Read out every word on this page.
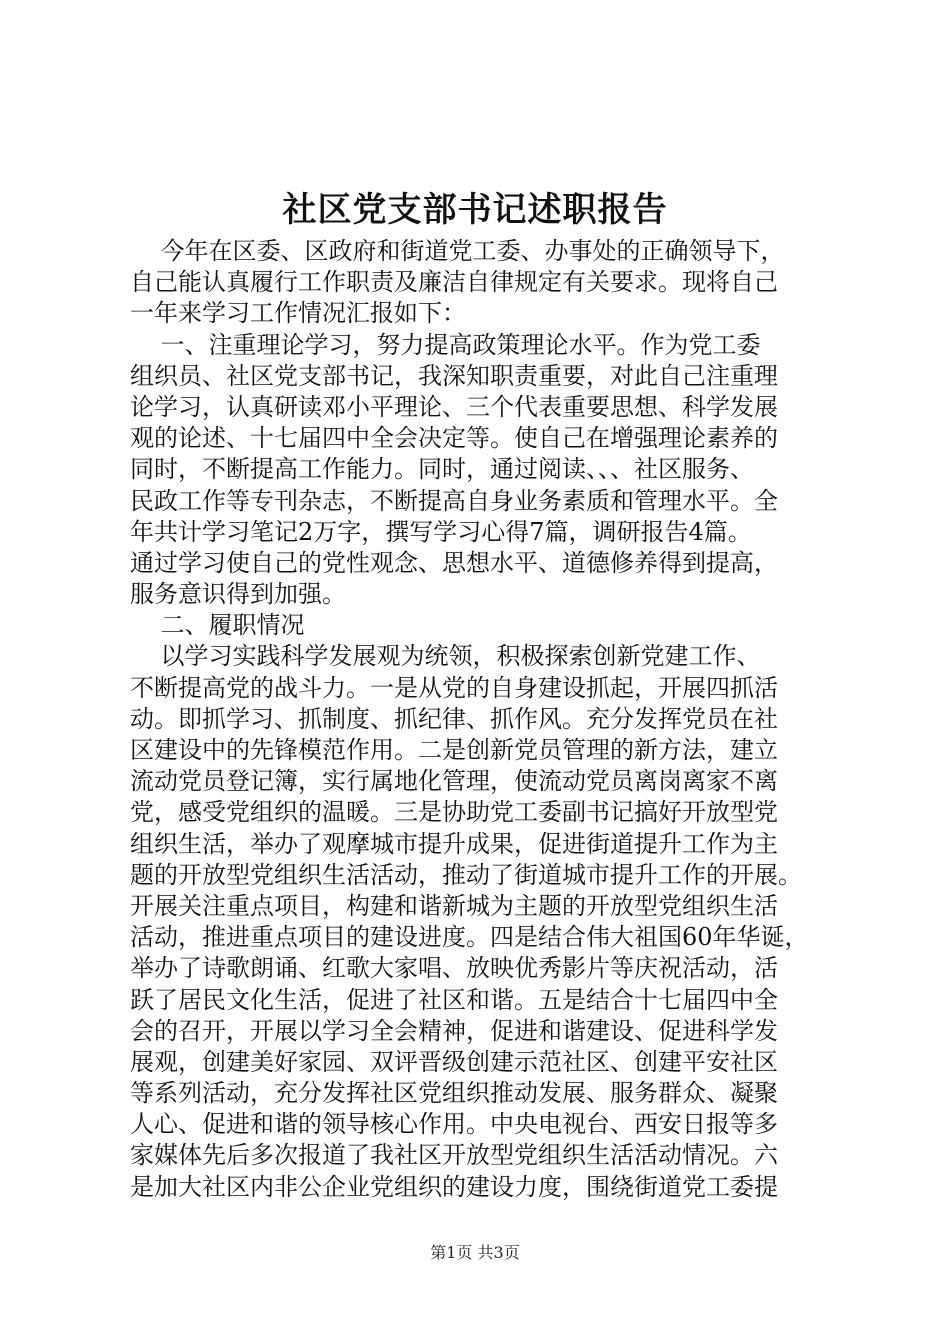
社区党支部书记述职报告
今年在区委、区政府和街道党工委、办事处的正确领导下，
自己能认真履行工作职责及廉洁自律规定有关要求。现将自己
一年来学习工作情况汇报如下：
一、注重理论学习，努力提高政策理论水平。作为党工委
组织员、社区党支部书记，我深知职责重要，对此自己注重理
论学习，认真研读邓小平理论、三个代表重要思想、科学发展
观的论述、十七届四中全会决定等。使自己在增强理论素养的
同时，不断提高工作能力。同时，通过阅读、、、社区服务、
民政工作等专刊杂志，不断提高自身业务素质和管理水平。全
年共计学习笔记2万字，撰写学习心得7篇，调研报告4篇。
通过学习使自己的党性观念、思想水平、道德修养得到提高，
服务意识得到加强。
二、履职情况
以学习实践科学发展观为统领，积极探索创新党建工作、
不断提高党的战斗力。一是从党的自身建设抓起，开展四抓活
动。即抓学习、抓制度、抓纪律、抓作风。充分发挥党员在社
区建设中的先锋模范作用。二是创新党员管理的新方法，建立
流动党员登记簿，实行属地化管理，使流动党员离岗离家不离
党，感受党组织的温暖。三是协助党工委副书记搞好开放型党
组织生活，举办了观摩城市提升成果，促进街道提升工作为主
题的开放型党组织生活活动，推动了街道城市提升工作的开展。
开展关注重点项目，构建和谐新城为主题的开放型党组织生活
活动，推进重点项目的建设进度。四是结合伟大祖国60年华诞，
举办了诗歌朗诵、红歌大家唱、放映优秀影片等庆祝活动，活
跃了居民文化生活，促进了社区和谐。五是结合十七届四中全
会的召开，开展以学习全会精神，促进和谐建设、促进科学发
展观，创建美好家园、双评晋级创建示范社区、创建平安社区
等系列活动，充分发挥社区党组织推动发展、服务群众、凝聚
人心、促进和谐的领导核心作用。中央电视台、西安日报等多
家媒体先后多次报道了我社区开放型党组织生活活动情况。六
是加大社区内非公企业党组织的建设力度，围绕街道党工委提
第1页 共3页
